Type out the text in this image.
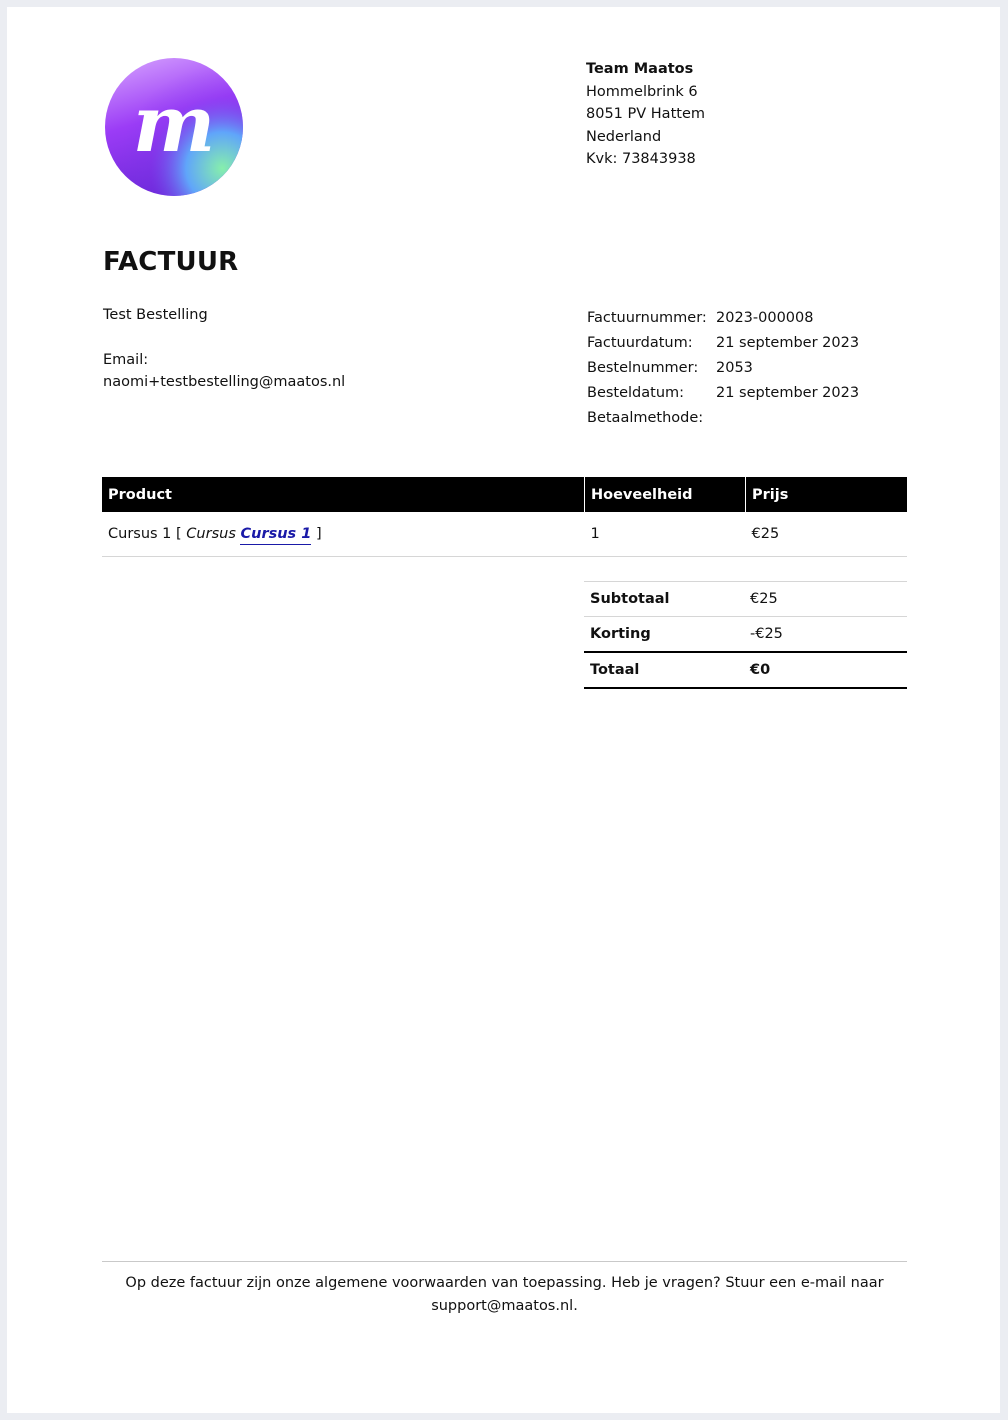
m
Team Maatos
Hommelbrink 6
8051 PV Hattem
Nederland
Kvk: 73843938
FACTUUR
Test Bestelling
Email:
naomi+testbestelling@maatos.nl
Factuurnummer: 2023-000008
Factuurdatum:	21 september 2023
Bestelnummer:	2053
Besteldatum:	21 september 2023
Betaalmethode:
Product	Hoeveelheid	Prijs
Cursus 1 [ Cursus Cursus 1 ]	1	€25
Subtotaal	€25
Korting	-€25
Totaal	€0
Op deze factuur zijn onze algemene voorwaarden van toepassing. Heb je vragen? Stuur een e-mail naar
support@maatos.nl.
